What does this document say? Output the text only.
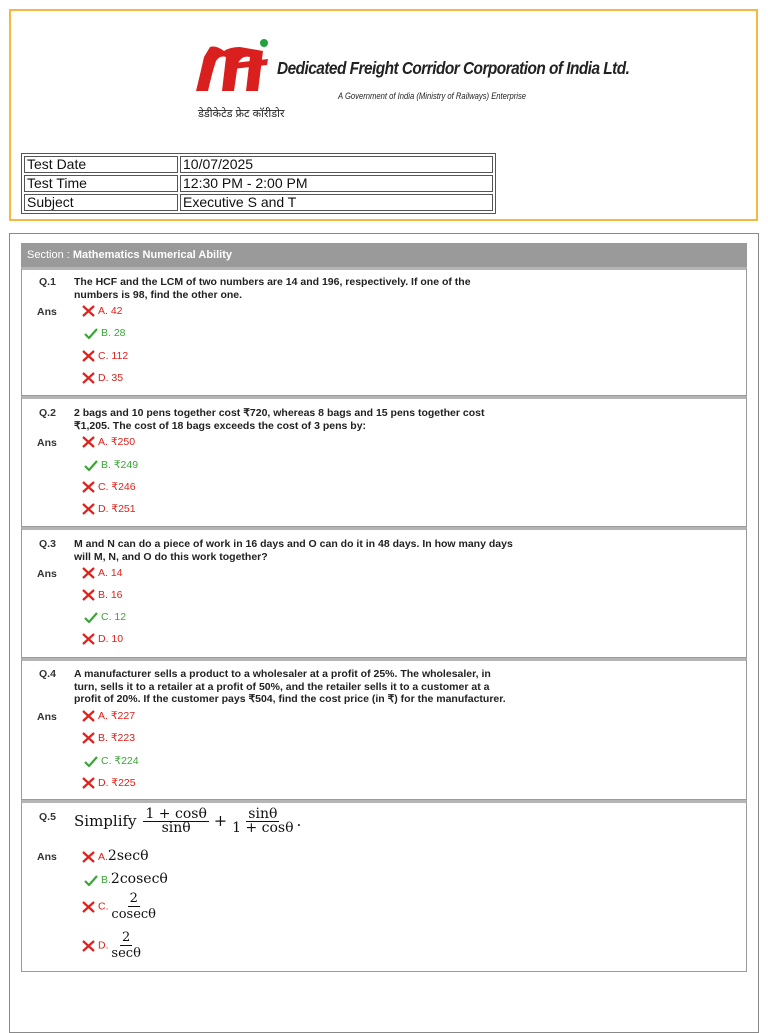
Dedicated Freight Corridor Corporation of India Ltd.
A Government of India (Ministry of Railways) Enterprise
डेडीकेटेड फ्रेट कॉरीडोर
Test Date	10/07/2025
Test Time	12:30 PM - 2:00 PM
Subject	Executive S and T
Section : Mathematics Numerical Ability
Q.1 The HCF and the LCM of two numbers are 14 and 196, respectively. If one of the
numbers is 98, find the other one.
Ans	A. 42
B. 28
C. 112
D. 35
Q.2 2 bags and 10 pens together cost ₹720, whereas 8 bags and 15 pens together cost
₹1,205. The cost of 18 bags exceeds the cost of 3 pens by:
Ans	A. ₹250
B. ₹249
C. ₹246
D. ₹251
Q.3 M and N can do a piece of work in 16 days and O can do it in 48 days. In how many days
will M, N, and O do this work together?
Ans	A. 14
B. 16
C. 12
D. 10
Q.4 A manufacturer sells a product to a wholesaler at a profit of 25%. The wholesaler, in
turn, sells it to a retailer at a profit of 50%, and the retailer sells it to a customer at a
profit of 20%. If the customer pays ₹504, find the cost price (in ₹) for the manufacturer.
Ans	A. ₹227
B. ₹223
C. ₹224
D. ₹225
Q.5 Simplify $\frac{1 + \cos\theta}{\sin\theta} + \frac{\sin\theta}{1 + \cos\theta}$ .
Ans	A.2secθ
B.2cosecθ
C. $\frac{2}{cosec\theta}$
D. $\frac{2}{\sec\theta}$
